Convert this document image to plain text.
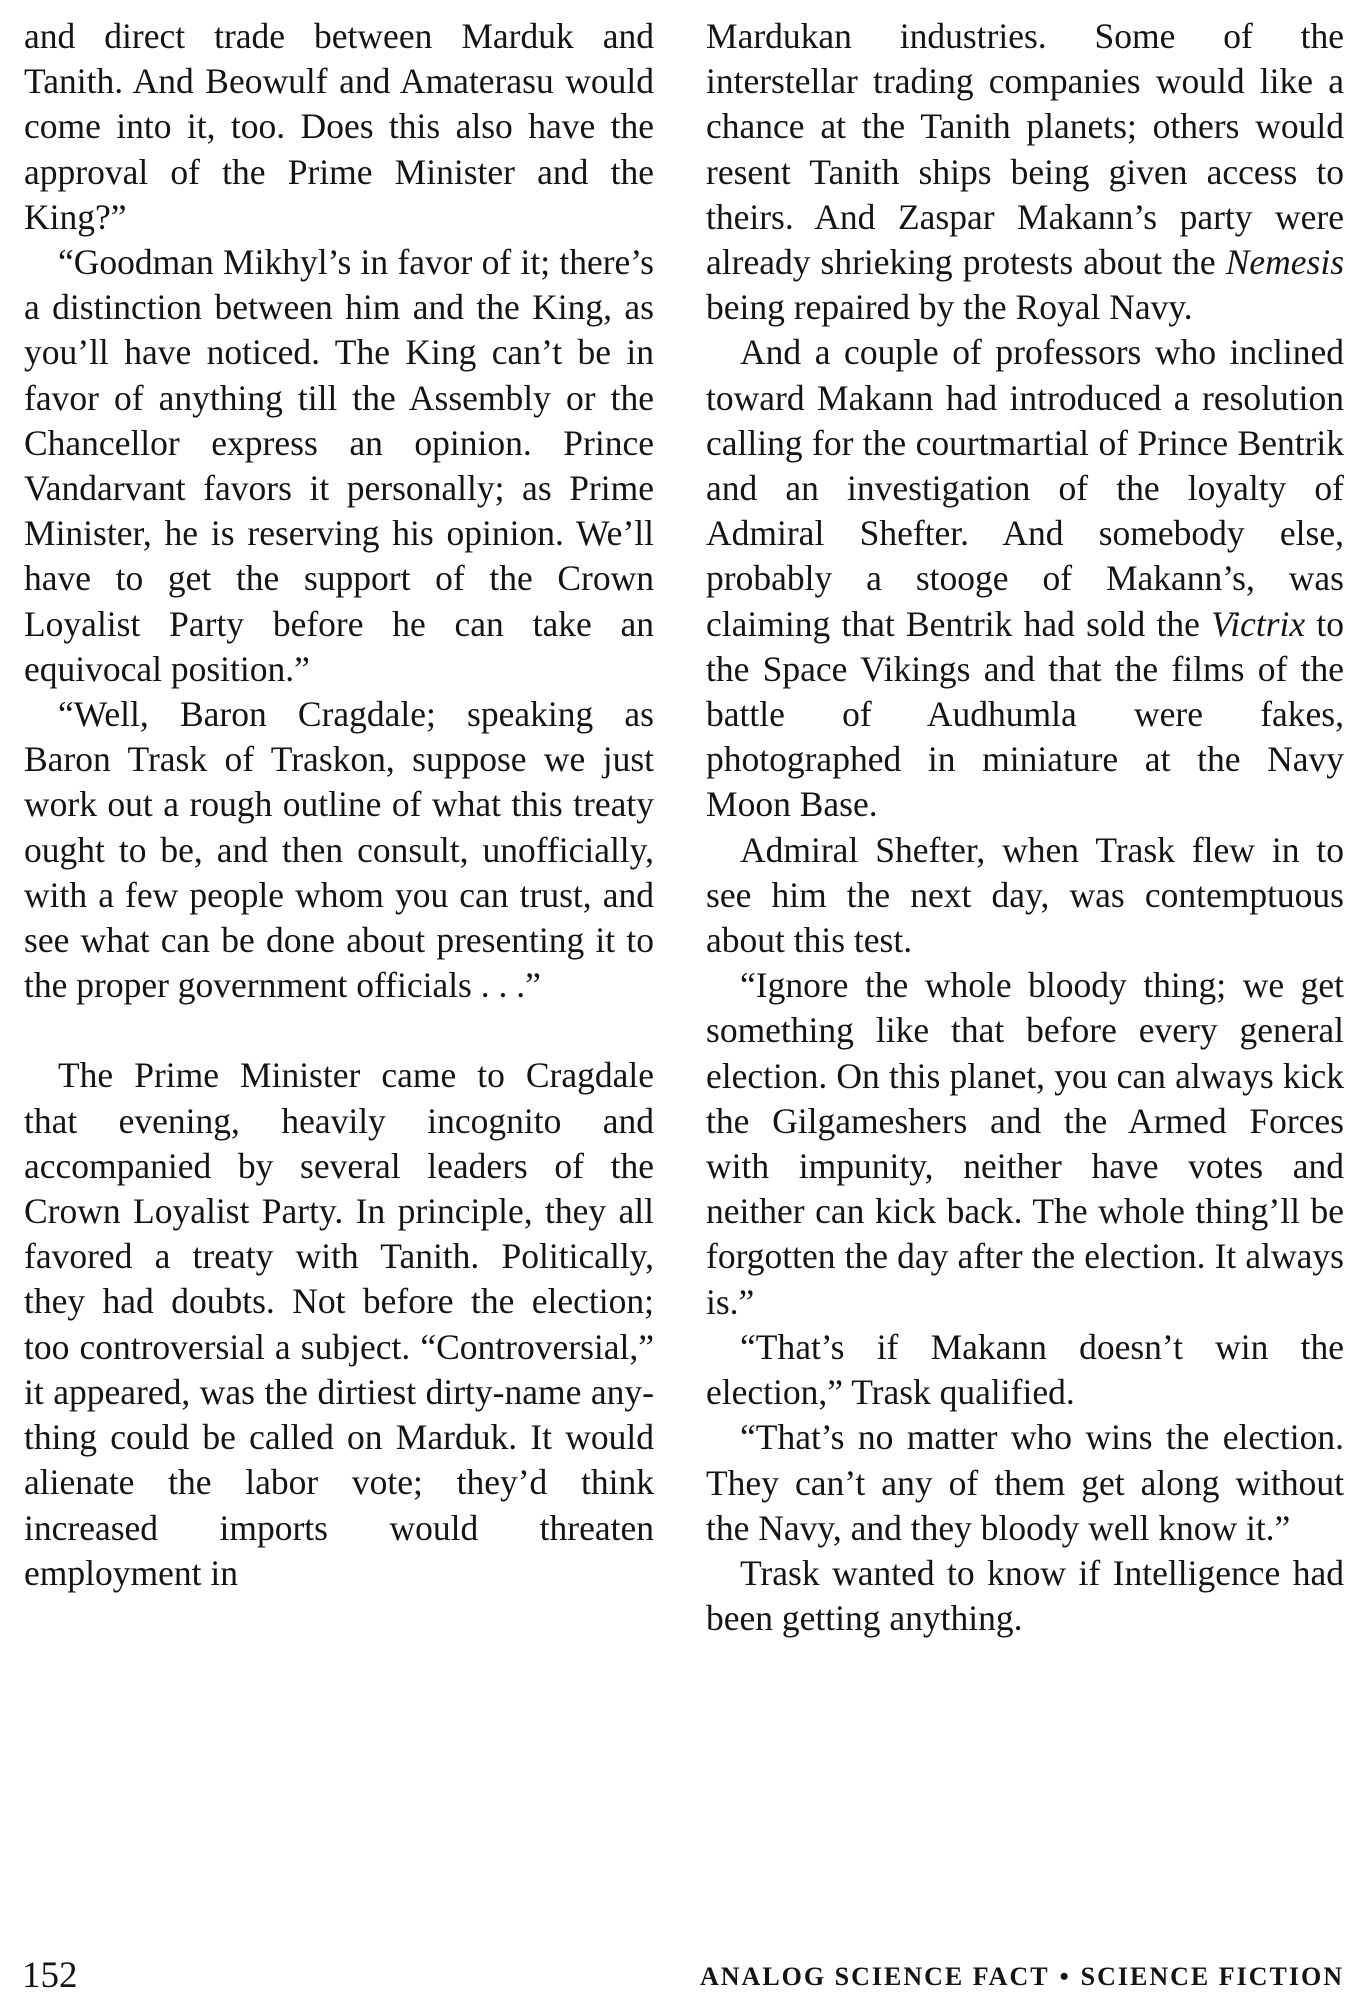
and direct trade between Marduk and Tanith. And Beowulf and Amaterasu would come into it, too. Does this also have the approval of the Prime Minister and the King?”

“Goodman Mikhyl’s in favor of it; there’s a distinction between him and the King, as you’ll have noticed. The King can’t be in favor of anything till the Assembly or the Chancellor express an opinion. Prince Vandarvant favors it personally; as Prime Minister, he is reserving his opinion. We’ll have to get the support of the Crown Loyalist Party before he can take an equivocal position.”

“Well, Baron Cragdale; speaking as Baron Trask of Traskon, suppose we just work out a rough outline of what this treaty ought to be, and then consult, unofficially, with a few people whom you can trust, and see what can be done about presenting it to the proper government officials . . .”

The Prime Minister came to Cragdale that evening, heavily incognito and accompanied by several leaders of the Crown Loyalist Party. In principle, they all favored a treaty with Tanith. Politically, they had doubts. Not before the election; too controversial a subject. “Controversial,” it appeared, was the dirtiest dirty-name anything could be called on Marduk. It would alienate the labor vote; they’d think increased imports would threaten employment in

Mardukan industries. Some of the interstellar trading companies would like a chance at the Tanith planets; others would resent Tanith ships being given access to theirs. And Zaspar Makann’s party were already shrieking protests about the Nemesis being repaired by the Royal Navy.

And a couple of professors who inclined toward Makann had introduced a resolution calling for the courtmartial of Prince Bentrik and an investigation of the loyalty of Admiral Shefter. And somebody else, probably a stooge of Makann’s, was claiming that Bentrik had sold the Victrix to the Space Vikings and that the films of the battle of Audhumla were fakes, photographed in miniature at the Navy Moon Base.

Admiral Shefter, when Trask flew in to see him the next day, was contemptuous about this test.

“Ignore the whole bloody thing; we get something like that before every general election. On this planet, you can always kick the Gilgameshers and the Armed Forces with impunity, neither have votes and neither can kick back. The whole thing’ll be forgotten the day after the election. It always is.”

“That’s if Makann doesn’t win the election,” Trask qualified.

“That’s no matter who wins the election. They can’t any of them get along without the Navy, and they bloody well know it.”

Trask wanted to know if Intelligence had been getting anything.

152	ANALOG SCIENCE FACT • SCIENCE FICTION
